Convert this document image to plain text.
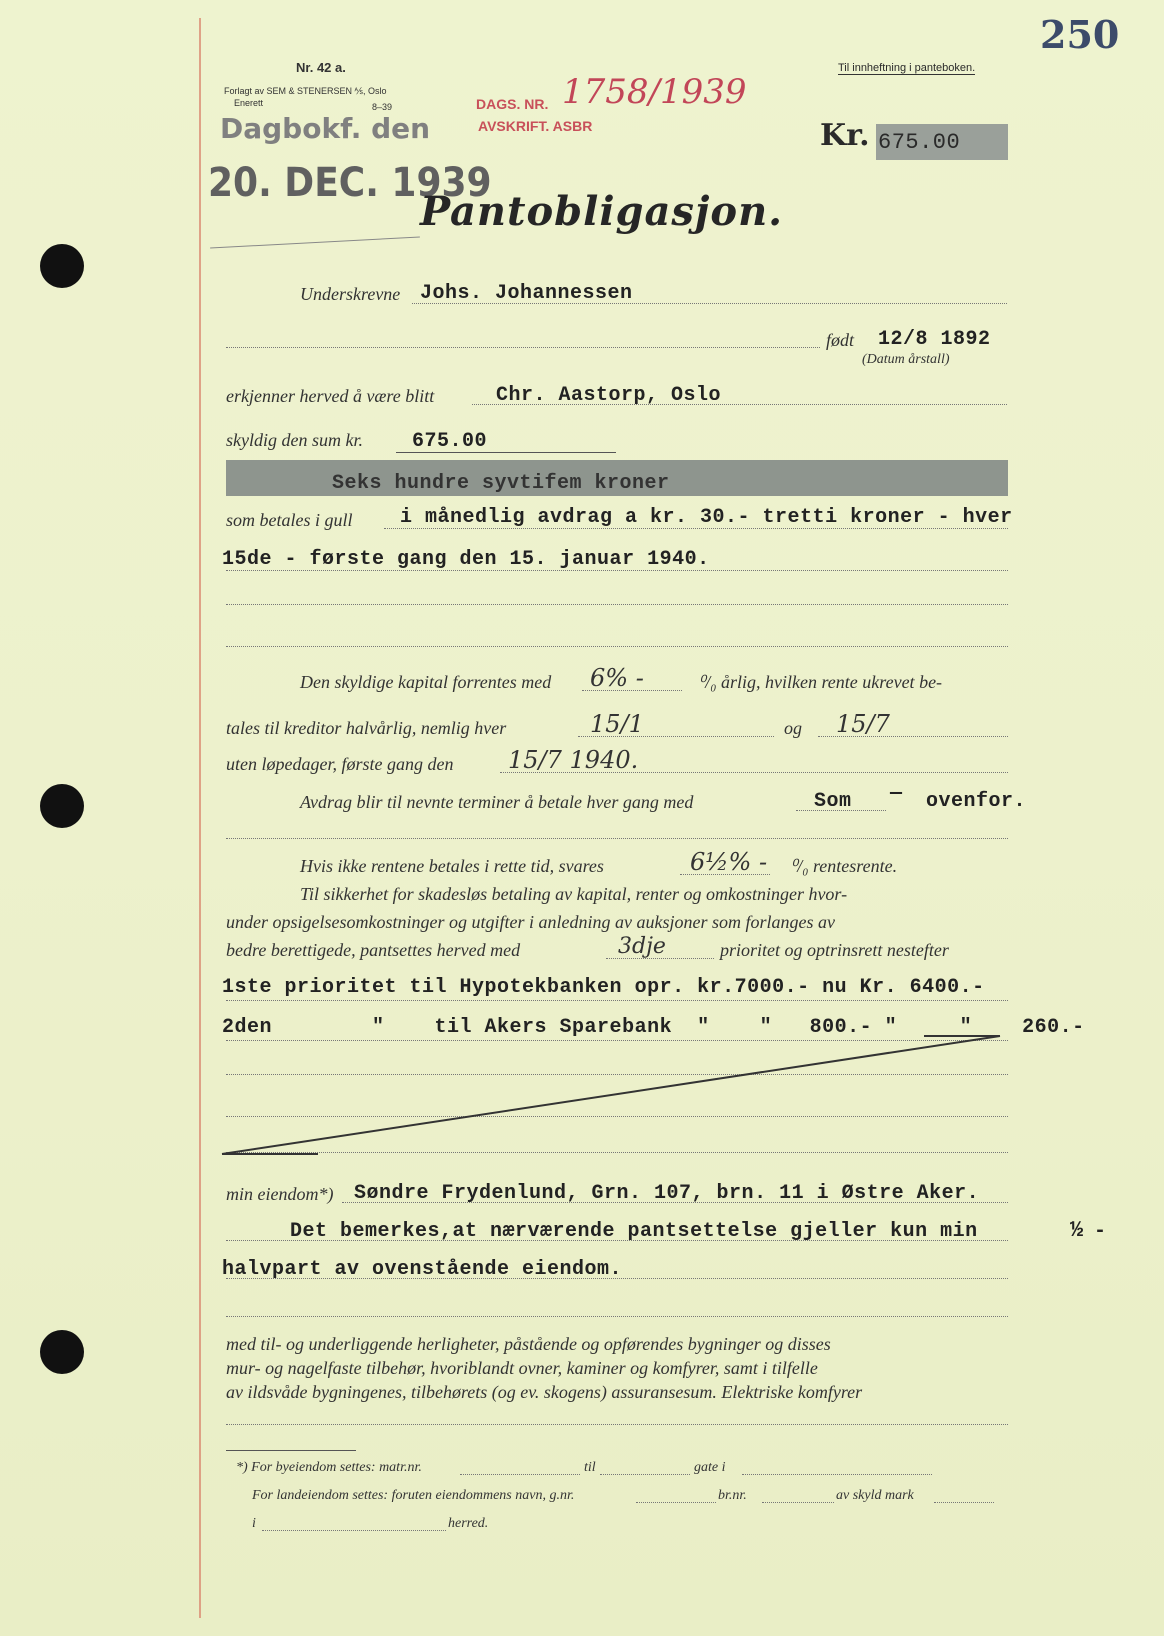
Nr. 42 a.
Forlagt av SEM & STENERSEN ⅍, Oslo
Enerett	8–39
Til innheftning i panteboken.
250
Dagbokf. den
20. DEC. 1939
DAGS. NR. 1758/1939
AVSKRIFT. ASBR	Kr. 675.00
Pantobligasjon.
Underskrevne Johs. Johannessen
født 12/8 1892
(Datum årstall)
erkjenner herved å være blitt	Chr. Aastorp, Oslo
skyldig den sum kr. 675.00
Seks hundre syvtifem kroner
som betales i gull i månedlig avdrag a kr. 30.- tretti kroner - hver
15de - første gang den 15. januar 1940.
Den skyldige kapital forrentes med 6% -	⁰/₀ årlig, hvilken rente ukrevet be-
tales til kreditor halvårlig, nemlig hver	15/1	og 15/7
uten løpedager, første gang den 15/7 1940.
Avdrag blir til nevnte terminer å betale hver gang med	Som — ovenfor.
Hvis ikke rentene betales i rette tid, svares	6½% - ⁰/₀ rentesrente.
Til sikkerhet for skadesløs betaling av kapital, renter og omkostninger hvor-
under opsigelsesomkostninger og utgifter i anledning av auksjoner som forlanges av
bedre berettigede, pantsettes herved med	3dje	prioritet og optrinsrett nestefter
1ste prioritet til Hypotekbanken opr. kr.7000.- nu Kr. 6400.-
2den        "    til Akers Sparebank  "    "   800.- "     "    260.-
min eiendom*) Søndre Frydenlund, Grn. 107, brn. 11 i Østre Aker.
Det bemerkes,at nærværende pantsettelse gjeller kun min	½ -
halvpart av ovenstående eiendom.
med til- og underliggende herligheter, påstående og opførendes bygninger og disses
mur- og nagelfaste tilbehør, hvoriblandt ovner, kaminer og komfyrer, samt i tilfelle
av ildsvåde bygningenes, tilbehørets (og ev. skogens) assuransesum. Elektriske komfyrer
*) For byeiendom settes: matr.nr.	til	gate i
For landeiendom settes: foruten eiendommens navn, g.nr.	br.nr.	av skyld mark
i	herred.
